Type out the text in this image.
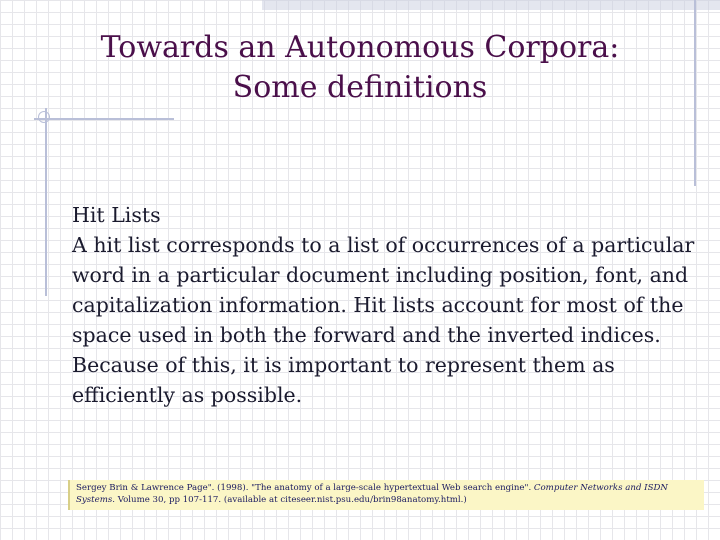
Towards an Autonomous Corpora:
Some definitions

Hit Lists

A hit list corresponds to a list of occurrences of a particular word in a particular document including position, font, and capitalization information. Hit lists account for most of the space used in both the forward and the inverted indices. Because of this, it is important to represent them as efficiently as possible.

Sergey Brin & Lawrence Page". (1998). "The anatomy of a large-scale hypertextual Web search engine". Computer Networks and ISDN Systems. Volume 30, pp 107-117. (available at citeseer.nist.psu.edu/brin98anatomy.html.)
